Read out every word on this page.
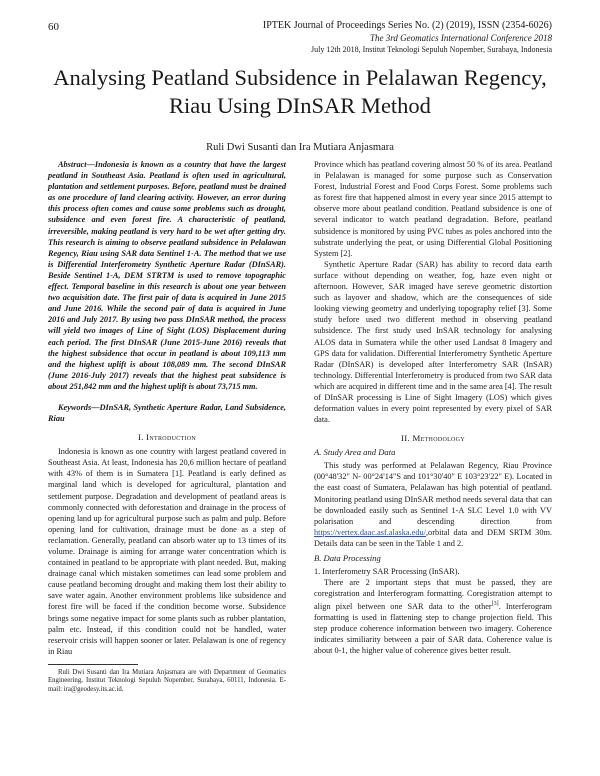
60	IPTEK Journal of Proceedings Series No. (2) (2019), ISSN (2354-6026)
The 3rd Geomatics International Conference 2018
July 12th 2018, Institut Teknologi Sepuluh Nopember, Surabaya, Indonesia
Analysing Peatland Subsidence in Pelalawan Regency, Riau Using DInSAR Method
Ruli Dwi Susanti dan Ira Mutiara Anjasmara

Abstract—Indonesia is known as a country that have the largest peatland in Southeast Asia. Peatland is often used in agricultural, plantation and settlement purposes. Before, peatland must be drained as one procedure of land clearing activity. However, an error during this process often comes and cause some problems such as drought, subsidence and even forest fire. A characteristic of peatland, irreversible, making peatland is very hard to be wet after getting dry. This research is aiming to observe peatland subsidence in Pelalawan Regency, Riau using SAR data Sentinel 1-A. The method that we use is Differential Interferometry Synthetic Aperture Radar (DInSAR). Beside Sentinel 1-A, DEM STRTM is used to remove topographic effect. Temporal baseline in this research is about one year between two acquisition date. The first pair of data is acquired in June 2015 and June 2016. While the second pair of data is acquired in June 2016 and July 2017. By using two pass DInSAR method, the process will yield two images of Line of Sight (LOS) Displacement during each period. The first DInSAR (June 2015-June 2016) reveals that the highest subsidence that occur in peatland is about 109,113 mm and the highest uplift is about 108,089 mm. The second DInSAR (June 2016-July 2017) reveals that the highest peat subsidence is about 251,842 mm and the highest uplift is about 73,715 mm.

Keywords—DInSAR, Synthetic Aperture Radar, Land Subsidence, Riau

I. Introduction

Indonesia is known as one country with largest peatland covered in Southeast Asia. At least, Indonesia has 20,6 million hectare of peatland with 43% of them is in Sumatera [1]. Peatland is early defined as marginal land which is developed for agricultural, plantation and settlement purpose. Degradation and development of peatland areas is commonly connected with deforestation and drainage in the process of opening land up for agricultural purpose such as palm and pulp. Before opening land for cultivation, drainage must be done as a step of reclamation. Generally, peatland can absorb water up to 13 times of its volume. Drainage is aiming for arrange water concentration which is contained in peatland to be appropriate with plant needed. But, making drainage canal which mistaken sometimes can lead some problem and cause peatland becoming drought and making them lost their ability to save water again. Another environment problems like subsidence and forest fire will be faced if the condition become worse. Subsidence brings some negative impact for some plants such as rubber plantation, palm etc. Instead, if this condition could not be handled, water reservoir crisis will happen sooner or later. Pelalawan is one of regency in Riau

Ruli Dwi Susanti dan Ira Mutiara Anjasmara are with Department of Geomatics Engineering, Institut Teknologi Sepuluh Nopember, Surabaya, 60111, Indonesia. E-mail: ira@geodesy.its.ac.id.

Province which has peatland covering almost 50 % of its area. Peatland in Pelalawan is managed for some purpose such as Conservation Forest, Industrial Forest and Food Corps Forest. Some problems such as forest fire that happened almost in every year since 2015 attempt to observe more about peatland condition. Peatland subsidence is one of several indicator to watch peatland degradation. Before, peatland subsidence is monitored by using PVC tubes as poles anchored into the substrate underlying the peat, or using Differential Global Positioning System [2].

Synthetic Aperture Radar (SAR) has ability to record data earth surface without depending on weather, fog, haze even night or afternoon. However, SAR imaged have sereve geometric distortion such as layover and shadow, which are the consequences of side looking viewing geometry and underlying topography relief [3]. Some study before used two different method in observing peatland subsidence. The first study used InSAR technology for analysing ALOS data in Sumatera while the other used Landsat 8 Imagery and GPS data for validation. Differential Interferometry Synthetic Aperture Radar (DInSAR) is developed after Interferometry SAR (InSAR) technology. Differential Interferometry is produced from two SAR data which are acquired in different time and in the same area [4]. The result of DInSAR processing is Line of Sight Imagery (LOS) which gives deformation values in every point represented by every pixel of SAR data.

II. Methodology
A. Study Area and Data

This study was performed at Pelalawan Regency, Riau Province (00°48'32" N- 00°24'14"S and 101°30'40" E 103°23'22" E). Located in the east coast of Sumatera, Pelalawan has high potential of peatland. Monitoring peatland using DInSAR method needs several data that can be downloaded easily such as Sentinel 1-A SLC Level 1.0 with VV polarisation and descending direction from https://vertex.daac.asf.alaska.edu/,orbital data and DEM SRTM 30m. Details data can be seen in the Table 1 and 2.

B. Data Processing
1. Interferometry SAR Processing (InSAR).

There are 2 important steps that must be passed, they are coregistration and Interferogram formatting. Coregistration attempt to align pixel between one SAR data to the other[3]. Interferogram formatting is used in flattening step to change projection field. This step produce coherence information between two imagery. Coherence indicates similiarity between a pair of SAR data. Coherence value is about 0-1, the higher value of coherence gives better result.
